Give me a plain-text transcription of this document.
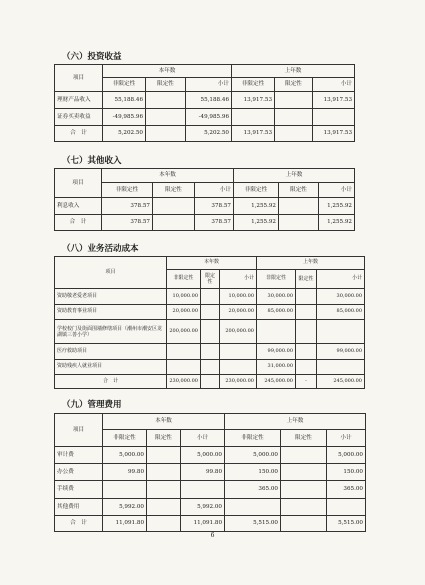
（六）投资收益
项目	本年数			上年数		
	非限定性	限定性	小计	非限定性	限定性	小计
理财产品收入	55,188.46		55,188.46	13,917.53		13,917.53
证券买卖收益	-49,985.96		-49,985.96			
合　计	5,202.50		5,202.50	13,917.53		13,917.53
（七）其他收入
项目	本年数			上年数		
	非限定性	限定性	小计	非限定性	限定性	小计
利息收入	378.57		378.57	1,255.92		1,255.92
合　计	378.57		378.57	1,255.92		1,255.92
（八）业务活动成本
项目	本年数			上年数		
	非限定性	限定性	小计	非限定性	限定性	小计
资助敬老爱老项目	10,000.00		10,000.00	30,000.00		30,000.00
资助教育事业项目	20,000.00		20,000.00	85,000.00		85,000.00
学校校门及街面围墙修缮项目（潮州市潮安区龙湖镇三善小学）	200,000.00		200,000.00			
医疗救助项目				99,000.00		99,000.00
资助残疾人就业项目				31,000.00		
合　计	230,000.00		230,000.00	245,000.00	-	245,000.00
（九）管理费用
项目	本年数			上年数		
	非限定性	限定性	小计	非限定性	限定性	小计
审计费	5,000.00		5,000.00	5,000.00		5,000.00
办公费	99.80		99.80	150.00		150.00
手续费				365.00		365.00
其他费用	5,992.00		5,992.00			
合　计	11,091.80		11,091.80	5,515.00		5,515.00
6
